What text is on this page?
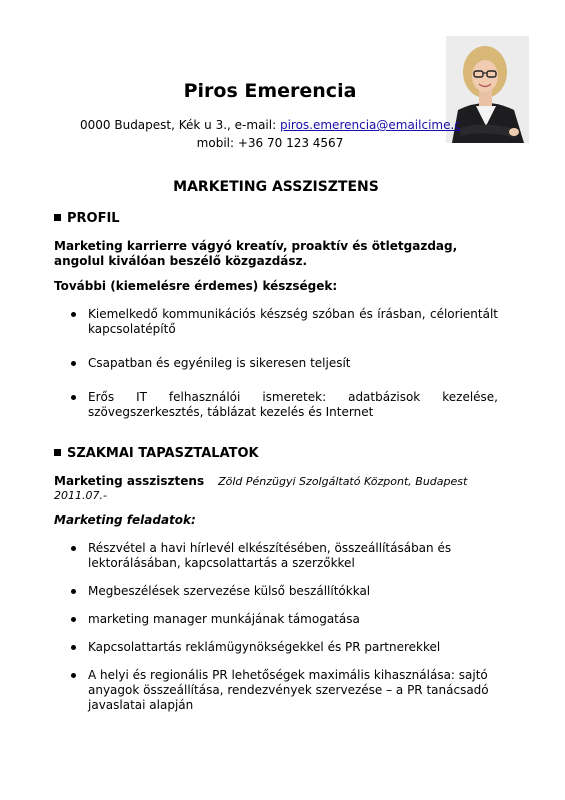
Piros Emerencia
0000 Budapest, Kék u 3., e-mail: piros.emerencia@emailcime.c
mobil: +36 70 123 4567
MARKETING ASSZISZTENS
PROFIL
Marketing karrierre vágyó kreatív, proaktív és ötletgazdag, angolul kiválóan beszélő közgazdász.
További (kiemelésre érdemes) készségek:
Kiemelkedő kommunikációs készség szóban és írásban, célorientált kapcsolatépítő
Csapatban és egyénileg is sikeresen teljesít
Erős IT felhasználói ismeretek: adatbázisok kezelése, szövegszerkesztés, táblázat kezelés és Internet
SZAKMAI TAPASZTALATOK
Marketing asszisztens Zöld Pénzügyi Szolgáltató Központ, Budapest
2011.07.-
Marketing feladatok:
Részvétel a havi hírlevél elkészítésében, összeállításában és lektorálásában, kapcsolattartás a szerzőkkel
Megbeszélések szervezése külső beszállítókkal
marketing manager munkájának támogatása
Kapcsolattartás reklámügynökségekkel és PR partnerekkel
A helyi és regionális PR lehetőségek maximális kihasználása: sajtó anyagok összeállítása, rendezvények szervezése – a PR tanácsadó javaslatai alapján
